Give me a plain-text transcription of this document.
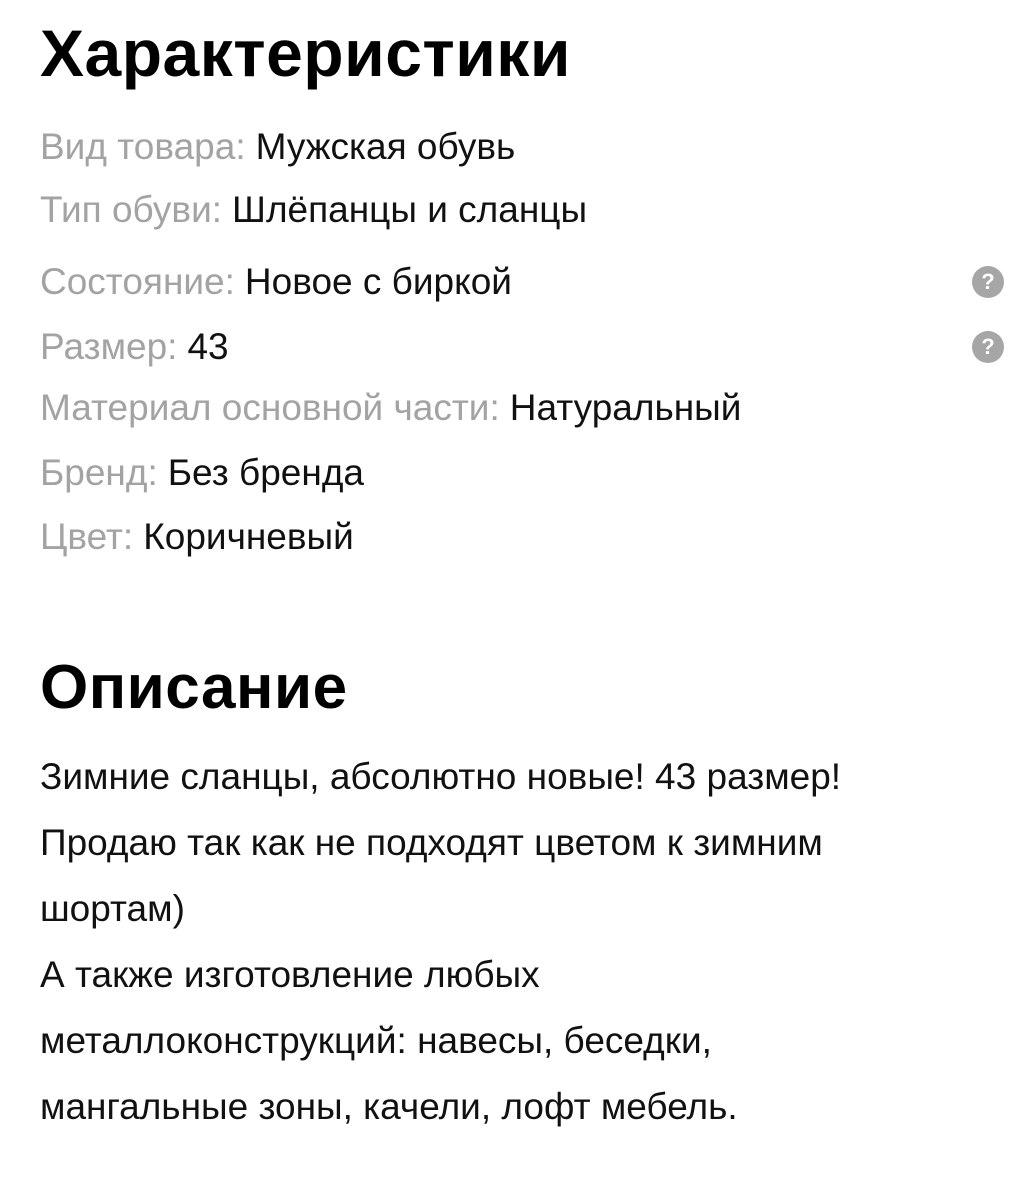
Характеристики
Вид товара : Мужская обувь
Тип обуви : Шлёпанцы и сланцы
Состояние : Новое с биркой	?
Размер : 43	?
Материал основной части : Натуральный
Бренд : Без бренда
Цвет : Коричневый
Описание
Зимние сланцы, абсолютно новые! 43 размер!
Продаю так как не подходят цветом к зимним
шортам)
А также изготовление любых
металлоконструкций: навесы, беседки,
мангальные зоны, качели, лофт мебель.
